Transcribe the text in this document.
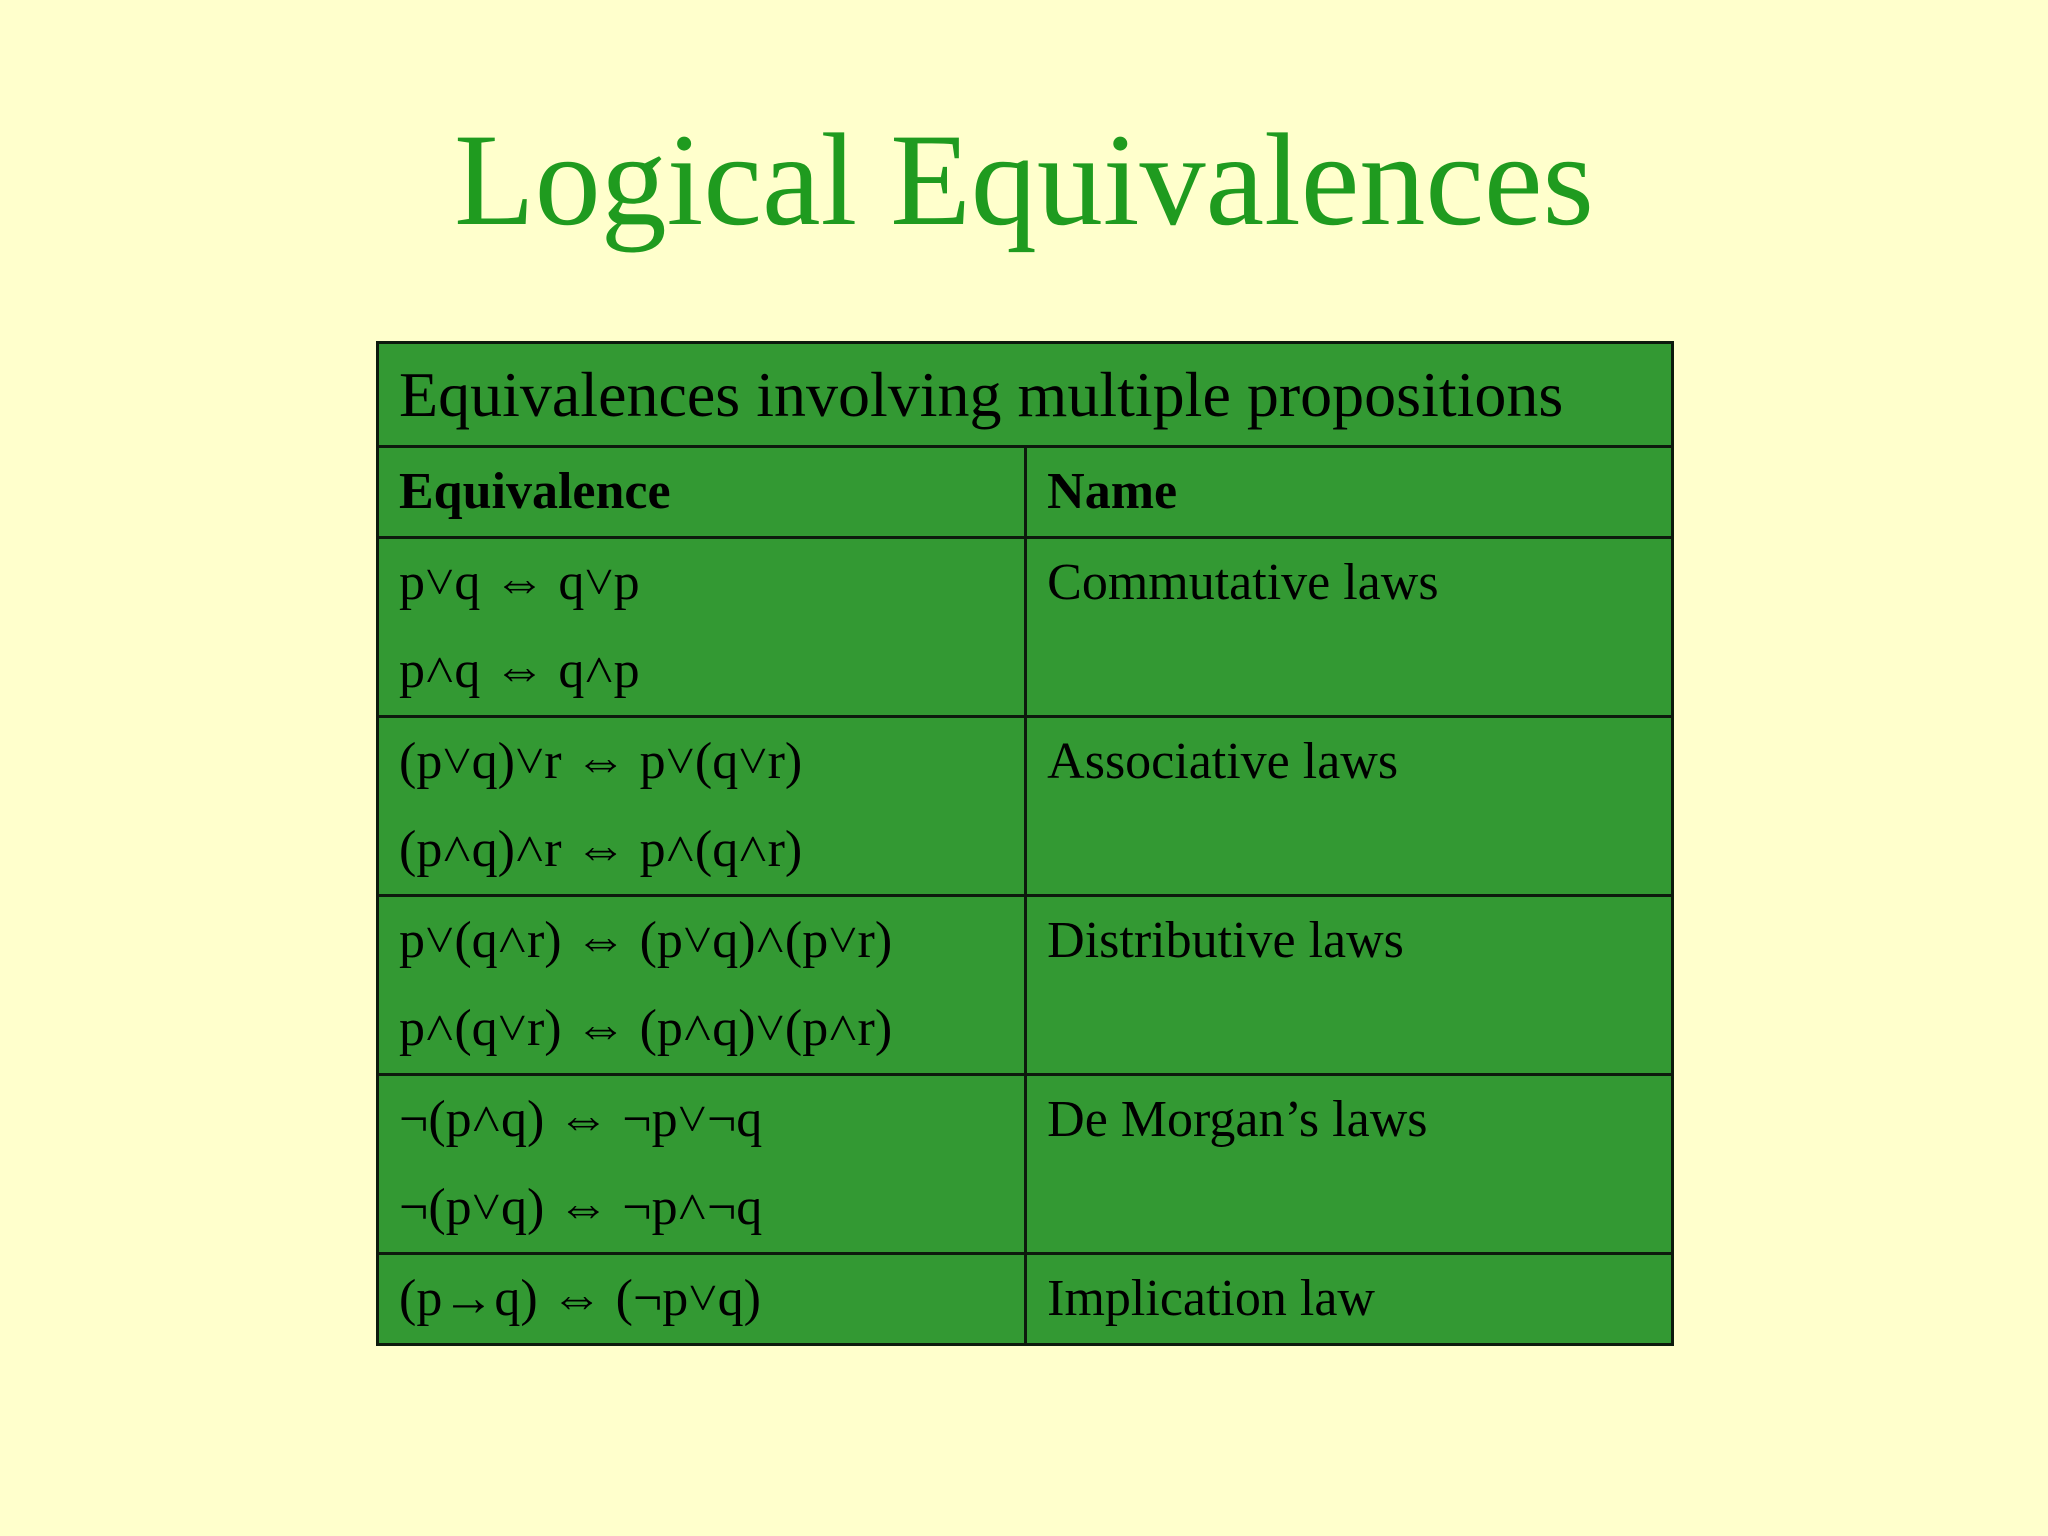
Logical Equivalences
Equivalences involving multiple propositions	
Equivalence	Name

p˅q ⇔ q˅p
p˄q ⇔ q˄p	Commutative laws

(p˅q)˅r ⇔ p˅(q˅r)
(p˄q)˄r ⇔ p˄(q˄r)	Associative laws

p˅(q˄r) ⇔ (p˅q)˄(p˅r)
p˄(q˅r) ⇔ (p˄q)˅(p˄r)	Distributive laws

¬(p˄q) ⇔ ¬p˅¬q
¬(p˅q) ⇔ ¬p˄¬q	De Morgan’s laws

(p→q) ⇔ (¬p˅q)	Implication law
